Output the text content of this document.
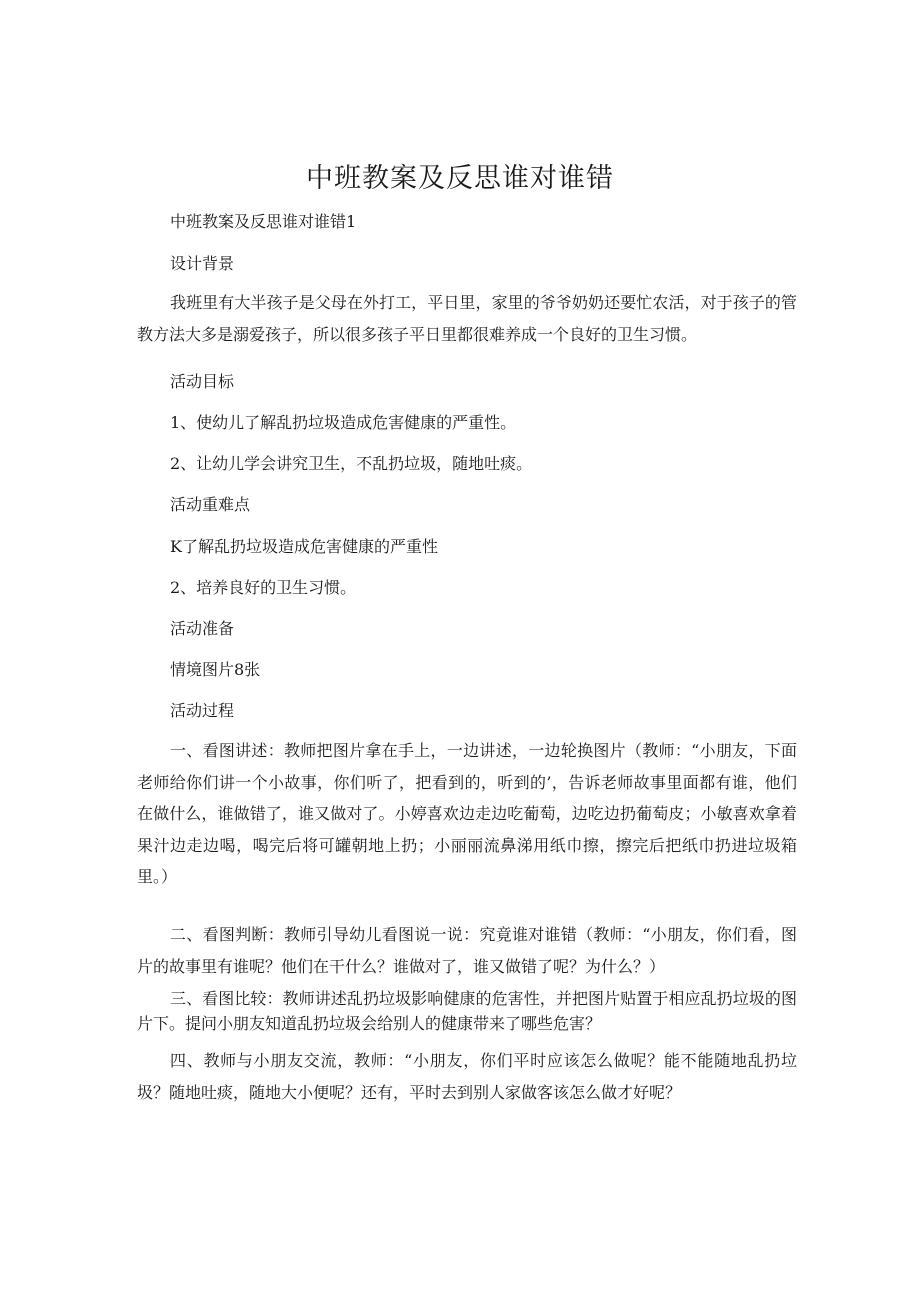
中班教案及反思谁对谁错

中班教案及反思谁对谁错1

设计背景

我班里有大半孩子是父母在外打工，平日里，家里的爷爷奶奶还要忙农活，对于孩子的管教方法大多是溺爱孩子，所以很多孩子平日里都很难养成一个良好的卫生习惯。

活动目标

1、使幼儿了解乱扔垃圾造成危害健康的严重性。

2、让幼儿学会讲究卫生，不乱扔垃圾，随地吐痰。

活动重难点

K了解乱扔垃圾造成危害健康的严重性

2、培养良好的卫生习惯。

活动准备

情境图片8张

活动过程

一、看图讲述：教师把图片拿在手上，一边讲述，一边轮换图片（教师：“小朋友，下面老师给你们讲一个小故事，你们听了，把看到的，听到的’，告诉老师故事里面都有谁，他们在做什么，谁做错了，谁又做对了。小婷喜欢边走边吃葡萄，边吃边扔葡萄皮；小敏喜欢拿着果汁边走边喝，喝完后将可罐朝地上扔；小丽丽流鼻涕用纸巾擦，擦完后把纸巾扔进垃圾箱里。）

二、看图判断：教师引导幼儿看图说一说：究竟谁对谁错（教师：“小朋友，你们看，图片的故事里有谁呢？他们在干什么？谁做对了，谁又做错了呢？为什么？）

三、看图比较：教师讲述乱扔垃圾影响健康的危害性，并把图片贴置于相应乱扔垃圾的图片下。提问小朋友知道乱扔垃圾会给别人的健康带来了哪些危害？

四、教师与小朋友交流，教师：“小朋友，你们平时应该怎么做呢？能不能随地乱扔垃圾？随地吐痰，随地大小便呢？还有，平时去到别人家做客该怎么做才好呢？
